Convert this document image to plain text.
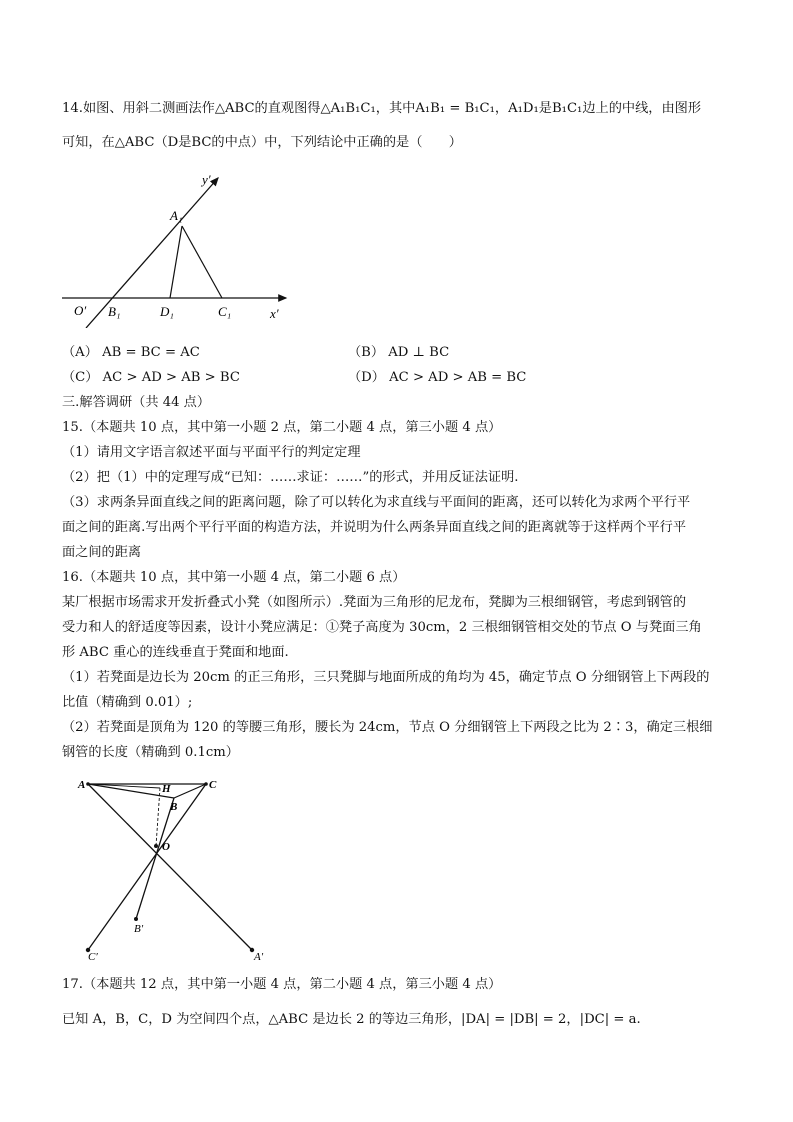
14.如图、用斜二测画法作△ABC的直观图得△A₁B₁C₁，其中A₁B₁ = B₁C₁，A₁D₁是B₁C₁边上的中线，由图形
可知，在△ABC（D是BC的中点）中，下列结论中正确的是（　　）
y′
x′
O′
A₁
B₁	D₁	C₁
（A） AB = BC = AC	（B） AD ⊥ BC
（C） AC > AD > AB > BC	（D） AC > AD > AB = BC
三.解答调研（共 44 点）
15.（本题共 10 点，其中第一小题 2 点，第二小题 4 点，第三小题 4 点）
（1）请用文字语言叙述平面与平面平行的判定定理
（2）把（1）中的定理写成“已知：……求证：……”的形式，并用反证法证明.
（3）求两条异面直线之间的距离问题，除了可以转化为求直线与平面间的距离，还可以转化为求两个平行平
面之间的距离.写出两个平行平面的构造方法，并说明为什么两条异面直线之间的距离就等于这样两个平行平
面之间的距离
16.（本题共 10 点，其中第一小题 4 点，第二小题 6 点）
某厂根据市场需求开发折叠式小凳（如图所示）.凳面为三角形的尼龙布，凳脚为三根细钢管，考虑到钢管的
受力和人的舒适度等因素，设计小凳应满足：①凳子高度为 30cm，2 三根细钢管相交处的节点 O 与凳面三角
形 ABC 重心的连线垂直于凳面和地面.
（1）若凳面是边长为 20cm 的正三角形，三只凳脚与地面所成的角均为 45，确定节点 O 分细钢管上下两段的
比值（精确到 0.01）;
（2）若凳面是顶角为 120 的等腰三角形，腰长为 24cm，节点 O 分细钢管上下两段之比为 2∶3，确定三根细
钢管的长度（精确到 0.1cm）
A	H	C
B
O
B′
C′	A′
17.（本题共 12 点，其中第一小题 4 点，第二小题 4 点，第三小题 4 点）
已知 A，B，C，D 为空间四个点，△ABC 是边长 2 的等边三角形，|DA| = |DB| = 2，|DC| = a.
